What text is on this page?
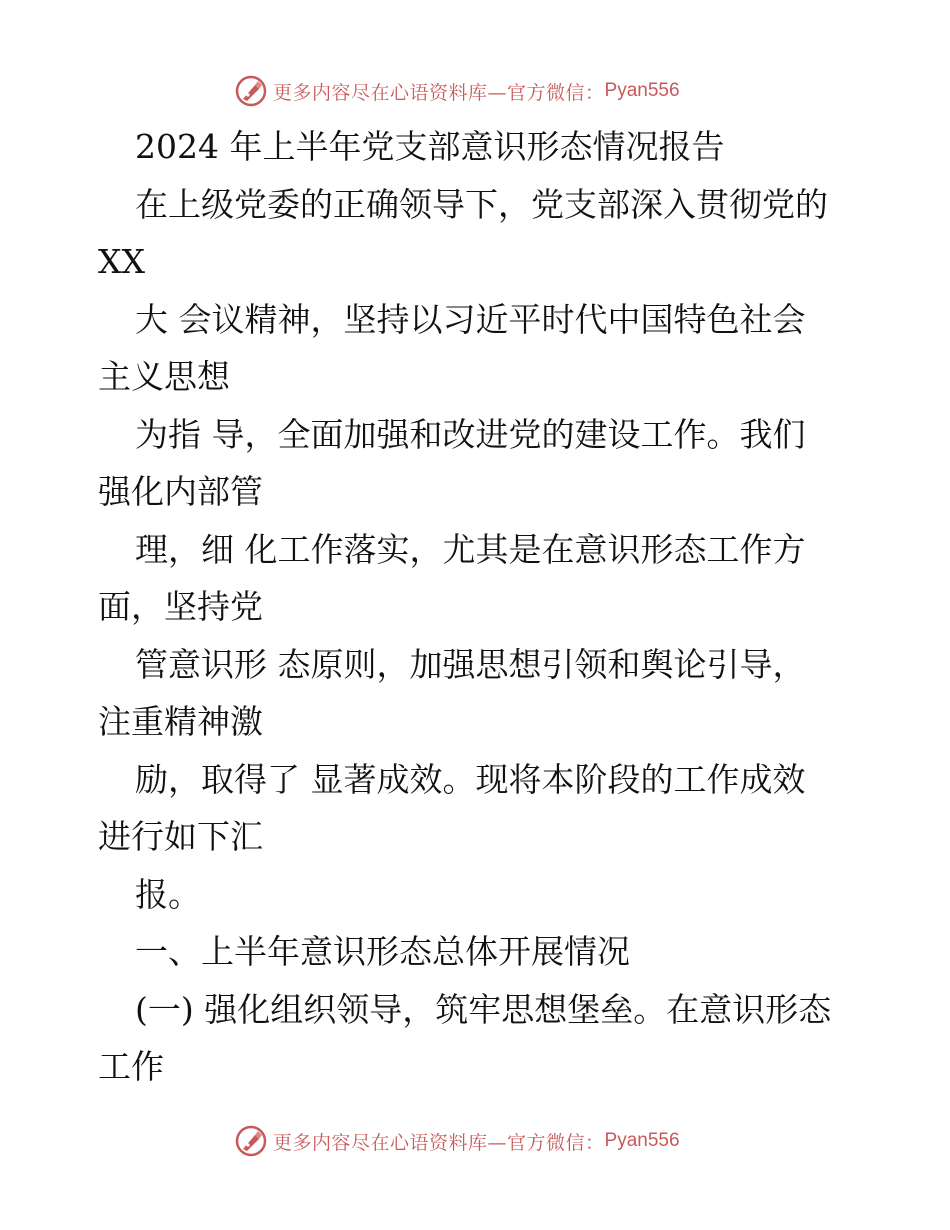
更多内容尽在心语资料库—官方微信： Pyan556
2024 年上半年党支部意识形态情况报告
在上级党委的正确领导下，党支部深入贯彻党的
XX
大 会议精神，坚持以习近平时代中国特色社会
主义思想
为指 导，全面加强和改进党的建设工作。我们
强化内部管
理，细 化工作落实，尤其是在意识形态工作方
面，坚持党
管意识形 态原则，加强思想引领和舆论引导，
注重精神激
励，取得了 显著成效。现将本阶段的工作成效
进行如下汇
报。
一、上半年意识形态总体开展情况
(一) 强化组织领导，筑牢思想堡垒。在意识形态
工作
更多内容尽在心语资料库—官方微信： Pyan556
